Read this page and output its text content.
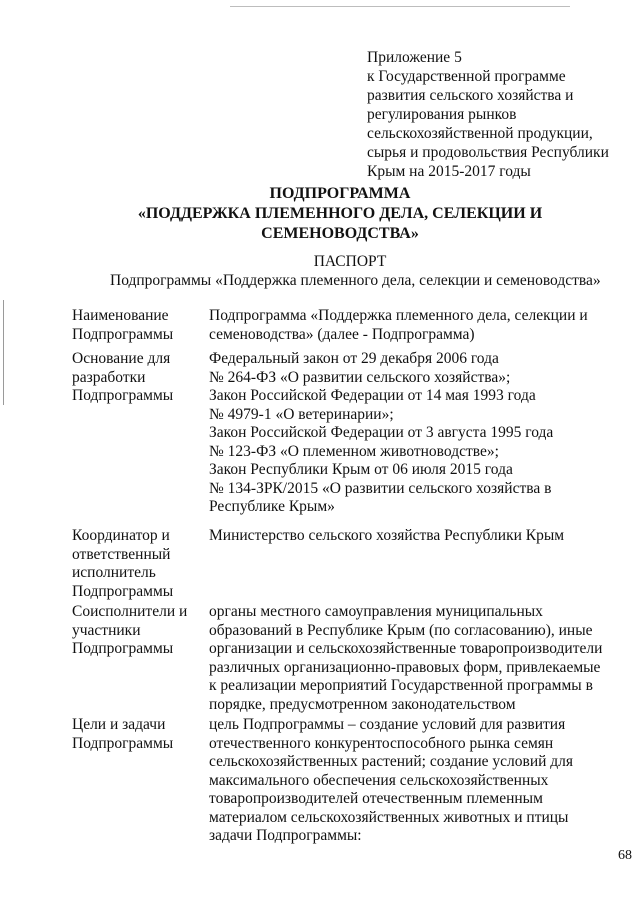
Приложение 5
к Государственной программе
развития сельского хозяйства и
регулирования рынков
сельскохозяйственной продукции,
сырья и продовольствия Республики
Крым на 2015-2017 годы
ПОДПРОГРАММА
«ПОДДЕРЖКА ПЛЕМЕННОГО ДЕЛА, СЕЛЕКЦИИ И
СЕМЕНОВОДСТВА»
ПАСПОРТ
Подпрограммы «Поддержка племенного дела, селекции и семеноводства»
Наименование
Подпрограммы
Подпрограмма «Поддержка племенного дела, селекции и
семеноводства» (далее - Подпрограмма)
Основание для
разработки
Подпрограммы
Федеральный закон от 29 декабря 2006 года
№ 264-ФЗ «О развитии сельского хозяйства»;
Закон Российской Федерации от 14 мая 1993 года
№ 4979-1 «О ветеринарии»;
Закон Российской Федерации от 3 августа 1995 года
№ 123-ФЗ «О племенном животноводстве»;
Закон Республики Крым от 06 июля 2015 года
№ 134-ЗРК/2015 «О развитии сельского хозяйства в
Республике Крым»
Координатор и
ответственный
исполнитель
Подпрограммы
Министерство сельского хозяйства Республики Крым
Соисполнители и
участники
Подпрограммы
органы местного самоуправления муниципальных
образований в Республике Крым (по согласованию), иные
организации и сельскохозяйственные товаропроизводители
различных организационно-правовых форм, привлекаемые
к реализации мероприятий Государственной программы в
порядке, предусмотренном законодательством
Цели и задачи
Подпрограммы
цель Подпрограммы – создание условий для развития
отечественного конкурентоспособного рынка семян
сельскохозяйственных растений; создание условий для
максимального обеспечения сельскохозяйственных
товаропроизводителей отечественным племенным
материалом сельскохозяйственных животных и птицы
задачи Подпрограммы:
68
